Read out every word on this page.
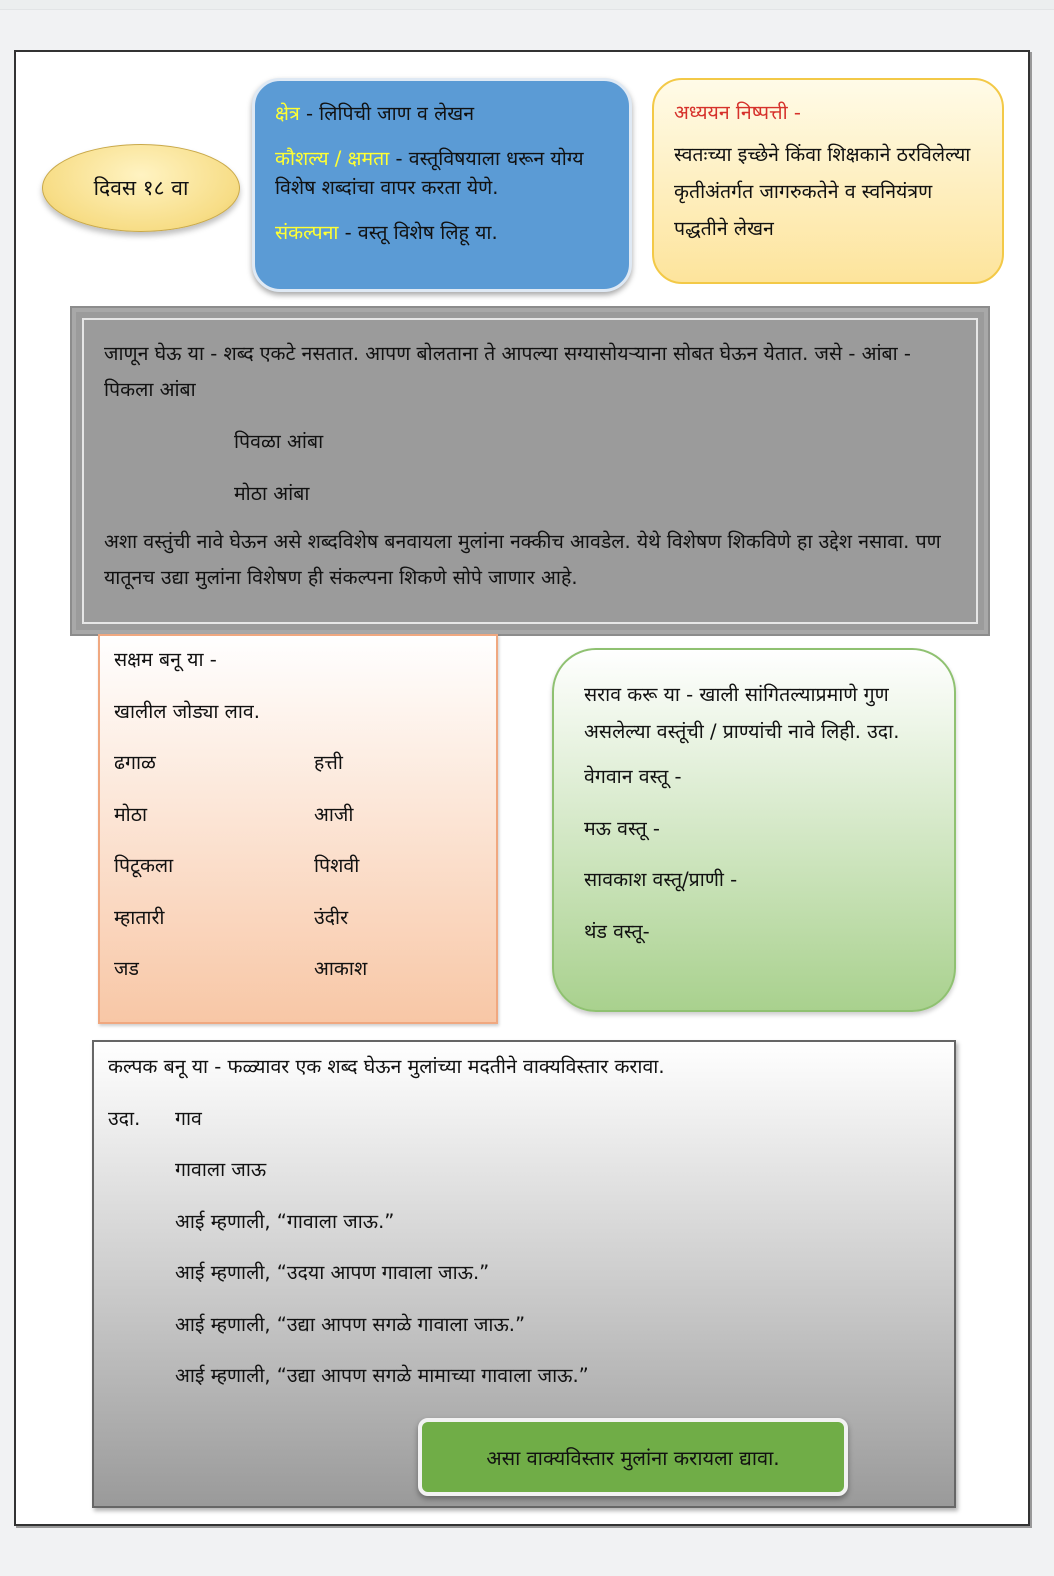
दिवस १८ वा

क्षेत्र - लिपिची जाण व लेखन

कौशल्य / क्षमता - वस्तूविषयाला धरून योग्य विशेष शब्दांचा वापर करता येणे.

संकल्पना - वस्तू विशेष लिहू या.

अध्ययन निष्पत्ती -
स्वतःच्या इच्छेने किंवा शिक्षकाने ठरविलेल्या कृतीअंतर्गत जागरुकतेने व स्वनियंत्रण पद्धतीने लेखन
जाणून घेऊ या - शब्द एकटे नसतात. आपण बोलताना ते आपल्या सग्यासोयऱ्याना सोबत घेऊन येतात. जसे - आंबा - पिकला आंबा
पिवळा आंबा
मोठा आंबा
अशा वस्तुंची नावे घेऊन असे शब्दविशेष बनवायला मुलांना नक्कीच आवडेल. येथे विशेषण शिकविणे हा उद्देश नसावा. पण यातूनच उद्या मुलांना विशेषण ही संकल्पना शिकणे सोपे जाणार आहे.
सक्षम बनू या -
खालील जोड्या लाव.
ढगाळ	हत्ती
मोठा	आजी
पिटूकला	पिशवी
म्हातारी	उंदीर
जड	आकाश
सराव करू या - खाली सांगितल्याप्रमाणे गुण असलेल्या वस्तूंची / प्राण्यांची नावे लिही. उदा.
वेगवान वस्तू -
मऊ वस्तू -
सावकाश वस्तू/प्राणी -
थंड वस्तू-
कल्पक बनू या - फळ्यावर एक शब्द घेऊन मुलांच्या मदतीने वाक्यविस्तार करावा.
उदा.	गाव
गावाला जाऊ
आई म्हणाली, “गावाला जाऊ.”
आई म्हणाली, “उदया आपण गावाला जाऊ.”
आई म्हणाली, “उद्या आपण सगळे गावाला जाऊ.”
आई म्हणाली, “उद्या आपण सगळे मामाच्या गावाला जाऊ.”
असा वाक्यविस्तार मुलांना करायला द्यावा.
